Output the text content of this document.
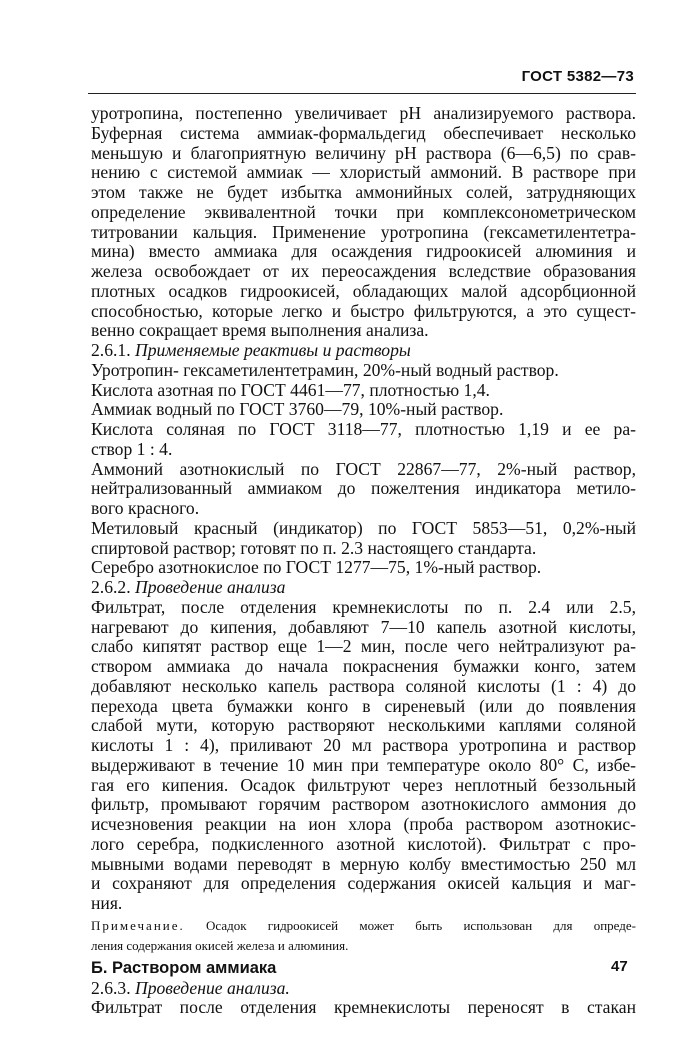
ГОСТ 5382—73

уротропина, постепенно увеличивает pH анализируемого раствора.

Буферная система аммиак-формальдегид обеспечивает несколько

меньшую и благоприятную величину pH раствора (6—6,5) по срав-

нению с системой аммиак — хлористый аммоний. В растворе при

этом также не будет избытка аммонийных солей, затрудняющих

определение эквивалентной точки при комплексонометрическом

титровании кальция. Применение уротропина (гексаметилентетра-

мина) вместо аммиака для осаждения гидроокисей алюминия и

железа освобождает от их переосаждения вследствие образования

плотных осадков гидроокисей, обладающих малой адсорбционной

способностью, которые легко и быстро фильтруются, а это сущест-

венно сокращает время выполнения анализа.

2.6.1. Применяемые реактивы и растворы

Уротропин- гексаметилентетрамин, 20%-ный водный раствор.

Кислота азотная по ГОСТ 4461—77, плотностью 1,4.

Аммиак водный по ГОСТ 3760—79, 10%-ный раствор.

Кислота соляная по ГОСТ 3118—77, плотностью 1,19 и ее ра-

створ 1 : 4.

Аммоний азотнокислый по ГОСТ 22867—77, 2%-ный раствор,

нейтрализованный аммиаком до пожелтения индикатора метило-

вого красного.

Метиловый красный (индикатор) по ГОСТ 5853—51, 0,2%-ный

спиртовой раствор; готовят по п. 2.3 настоящего стандарта.

Серебро азотнокислое по ГОСТ 1277—75, 1%-ный раствор.

2.6.2. Проведение анализа

Фильтрат, после отделения кремнекислоты по п. 2.4 или 2.5,

нагревают до кипения, добавляют 7—10 капель азотной кислоты,

слабо кипятят раствор еще 1—2 мин, после чего нейтрализуют ра-

створом аммиака до начала покраснения бумажки конго, затем

добавляют несколько капель раствора соляной кислоты (1 : 4) до

перехода цвета бумажки конго в сиреневый (или до появления

слабой мути, которую растворяют несколькими каплями соляной

кислоты 1 : 4), приливают 20 мл раствора уротропина и раствор

выдерживают в течение 10 мин при температуре около 80° С, избе-

гая его кипения. Осадок фильтруют через неплотный беззольный

фильтр, промывают горячим раствором азотнокислого аммония до

исчезновения реакции на ион хлора (проба раствором азотнокис-

лого серебра, подкисленного азотной кислотой). Фильтрат с про-

мывными водами переводят в мерную колбу вместимостью 250 мл

и сохраняют для определения содержания окисей кальция и маг-

ния.

Примечание. Осадок гидроокисей может быть использован для опреде-

ления содержания окисей железа и алюминия.

Б. Раствором аммиака

2.6.3. Проведение анализа.

Фильтрат после отделения кремнекислоты переносят в стакан

47
